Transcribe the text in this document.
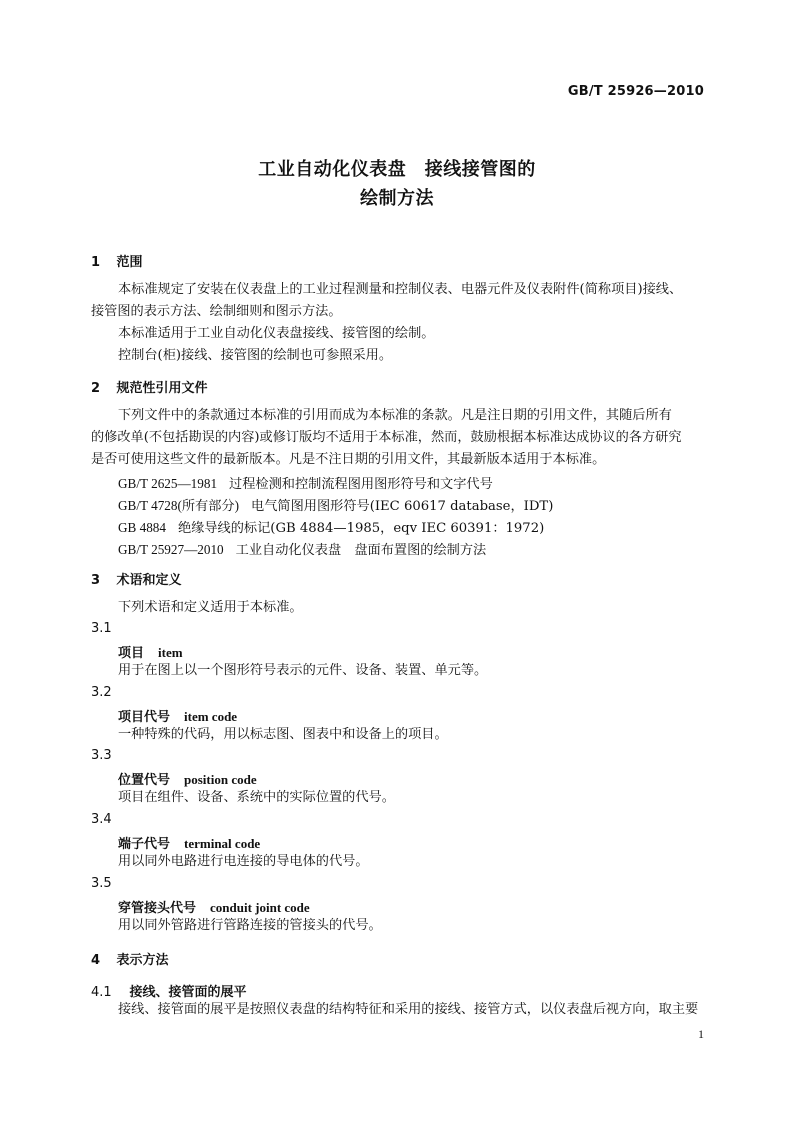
GB/T 25926—2010
工业自动化仪表盘　接线接管图的
绘制方法
1 范围
本标准规定了安装在仪表盘上的工业过程测量和控制仪表、电器元件及仪表附件(简称项目)接线、
接管图的表示方法、绘制细则和图示方法。
本标准适用于工业自动化仪表盘接线、接管图的绘制。
控制台(柜)接线、接管图的绘制也可参照采用。
2 规范性引用文件
下列文件中的条款通过本标准的引用而成为本标准的条款。凡是注日期的引用文件，其随后所有
的修改单(不包括勘误的内容)或修订版均不适用于本标准，然而，鼓励根据本标准达成协议的各方研究
是否可使用这些文件的最新版本。凡是不注日期的引用文件，其最新版本适用于本标准。
GB/T 2625—1981 过程检测和控制流程图用图形符号和文字代号
GB/T 4728(所有部分) 电气简图用图形符号(IEC 60617 database，IDT)
GB 4884 绝缘导线的标记(GB 4884—1985，eqv IEC 60391：1972)
GB/T 25927—2010 工业自动化仪表盘　盘面布置图的绘制方法
3 术语和定义
下列术语和定义适用于本标准。
3.1
项目 item
用于在图上以一个图形符号表示的元件、设备、装置、单元等。
3.2
项目代号 item code
一种特殊的代码，用以标志图、图表中和设备上的项目。
3.3
位置代号 position code
项目在组件、设备、系统中的实际位置的代号。
3.4
端子代号 terminal code
用以同外电路进行电连接的导电体的代号。
3.5
穿管接头代号 conduit joint code
用以同外管路进行管路连接的管接头的代号。
4 表示方法
4.1 接线、接管面的展平
接线、接管面的展平是按照仪表盘的结构特征和采用的接线、接管方式，以仪表盘后视方向，取主要
1
